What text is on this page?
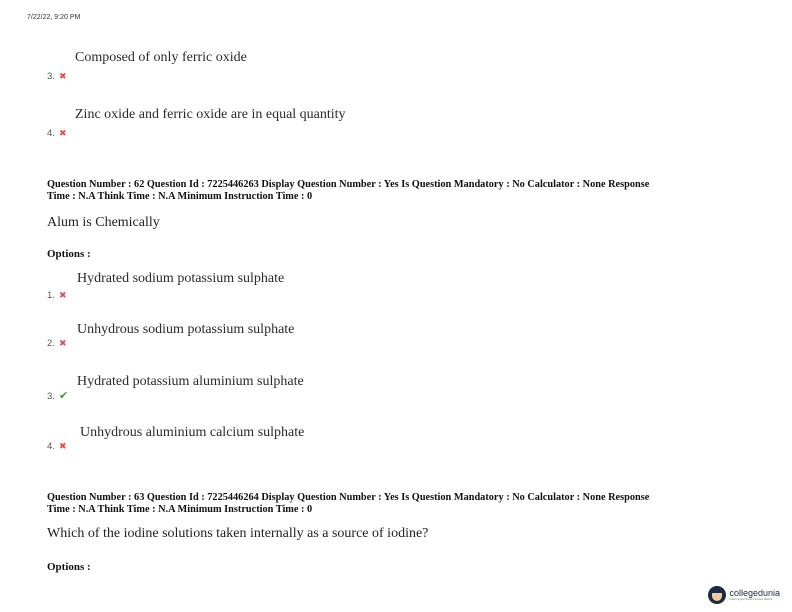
7/22/22, 9:20 PM
Composed of only ferric oxide
3. ✖
Zinc oxide and ferric oxide are in equal quantity
4. ✖
Question Number : 62 Question Id : 7225446263 Display Question Number : Yes Is Question Mandatory : No Calculator : None Response
Time : N.A Think Time : N.A Minimum Instruction Time : 0
Alum is Chemically
Options :
Hydrated sodium potassium sulphate
1. ✖
Unhydrous sodium potassium sulphate
2. ✖
Hydrated potassium aluminium sulphate
3. ✔
Unhydrous aluminium calcium sulphate
4. ✖
Question Number : 63 Question Id : 7225446264 Display Question Number : Yes Is Question Mandatory : No Calculator : None Response
Time : N.A Think Time : N.A Minimum Instruction Time : 0
Which of the iodine solutions taken internally as a source of iodine?
Options :
collegedunia
India's largest Student Review Platform
